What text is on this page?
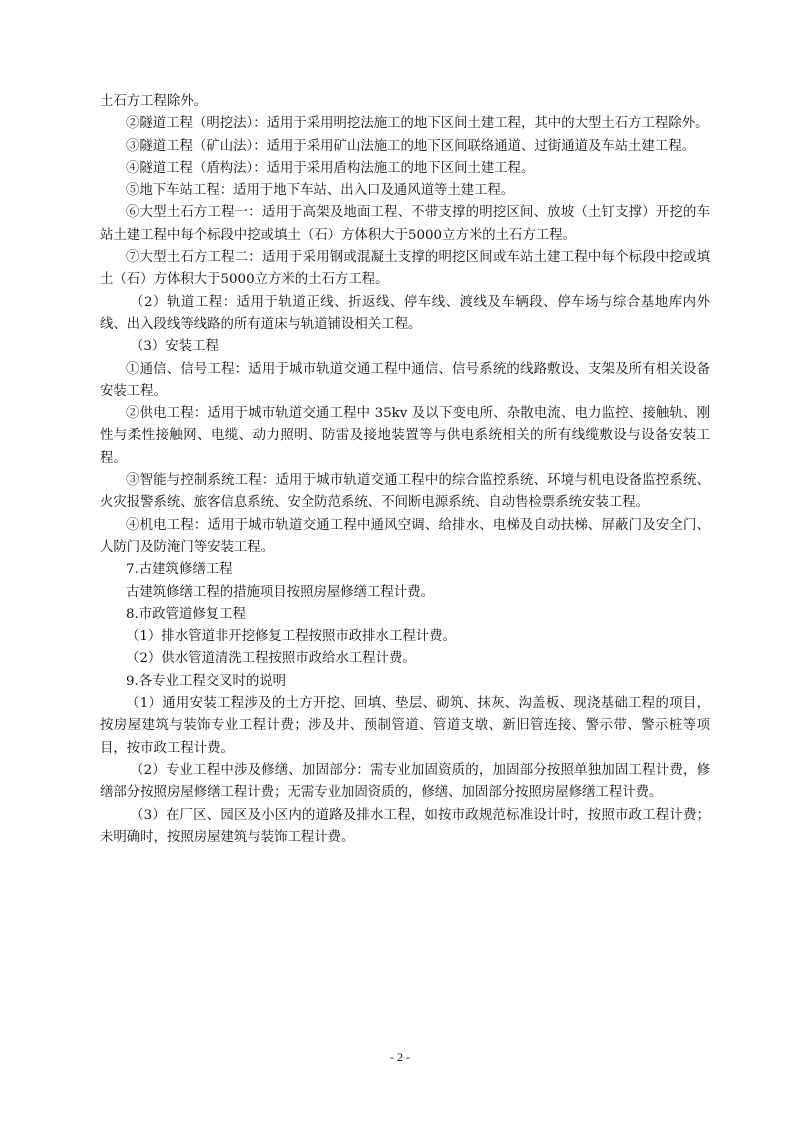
土石方工程除外。

②隧道工程（明挖法）：适用于采用明挖法施工的地下区间土建工程，其中的大型土石方工程除外。

③隧道工程（矿山法）：适用于采用矿山法施工的地下区间联络通道、过街通道及车站土建工程。

④隧道工程（盾构法）：适用于采用盾构法施工的地下区间土建工程。

⑤地下车站工程：适用于地下车站、出入口及通风道等土建工程。

⑥大型土石方工程一：适用于高架及地面工程、不带支撑的明挖区间、放坡（土钉支撑）开挖的车站土建工程中每个标段中挖或填土（石）方体积大于5000立方米的土石方工程。

⑦大型土石方工程二：适用于采用钢或混凝土支撑的明挖区间或车站土建工程中每个标段中挖或填土（石）方体积大于5000立方米的土石方工程。

（2）轨道工程：适用于轨道正线、折返线、停车线、渡线及车辆段、停车场与综合基地库内外线、出入段线等线路的所有道床与轨道铺设相关工程。

（3）安装工程

①通信、信号工程：适用于城市轨道交通工程中通信、信号系统的线路敷设、支架及所有相关设备安装工程。

②供电工程：适用于城市轨道交通工程中 35kv 及以下变电所、杂散电流、电力监控、接触轨、刚性与柔性接触网、电缆、动力照明、防雷及接地装置等与供电系统相关的所有线缆敷设与设备安装工程。

③智能与控制系统工程：适用于城市轨道交通工程中的综合监控系统、环境与机电设备监控系统、火灾报警系统、旅客信息系统、安全防范系统、不间断电源系统、自动售检票系统安装工程。

④机电工程：适用于城市轨道交通工程中通风空调、给排水、电梯及自动扶梯、屏蔽门及安全门、人防门及防淹门等安装工程。

7.古建筑修缮工程

古建筑修缮工程的措施项目按照房屋修缮工程计费。

8.市政管道修复工程

（1）排水管道非开挖修复工程按照市政排水工程计费。

（2）供水管道清洗工程按照市政给水工程计费。

9.各专业工程交叉时的说明

（1）通用安装工程涉及的土方开挖、回填、垫层、砌筑、抹灰、沟盖板、现浇基础工程的项目，按房屋建筑与装饰专业工程计费；涉及井、预制管道、管道支墩、新旧管连接、警示带、警示桩等项目，按市政工程计费。

（2）专业工程中涉及修缮、加固部分：需专业加固资质的，加固部分按照单独加固工程计费，修缮部分按照房屋修缮工程计费；无需专业加固资质的，修缮、加固部分按照房屋修缮工程计费。

（3）在厂区、园区及小区内的道路及排水工程，如按市政规范标准设计时，按照市政工程计费；未明确时，按照房屋建筑与装饰工程计费。

- 2 -
